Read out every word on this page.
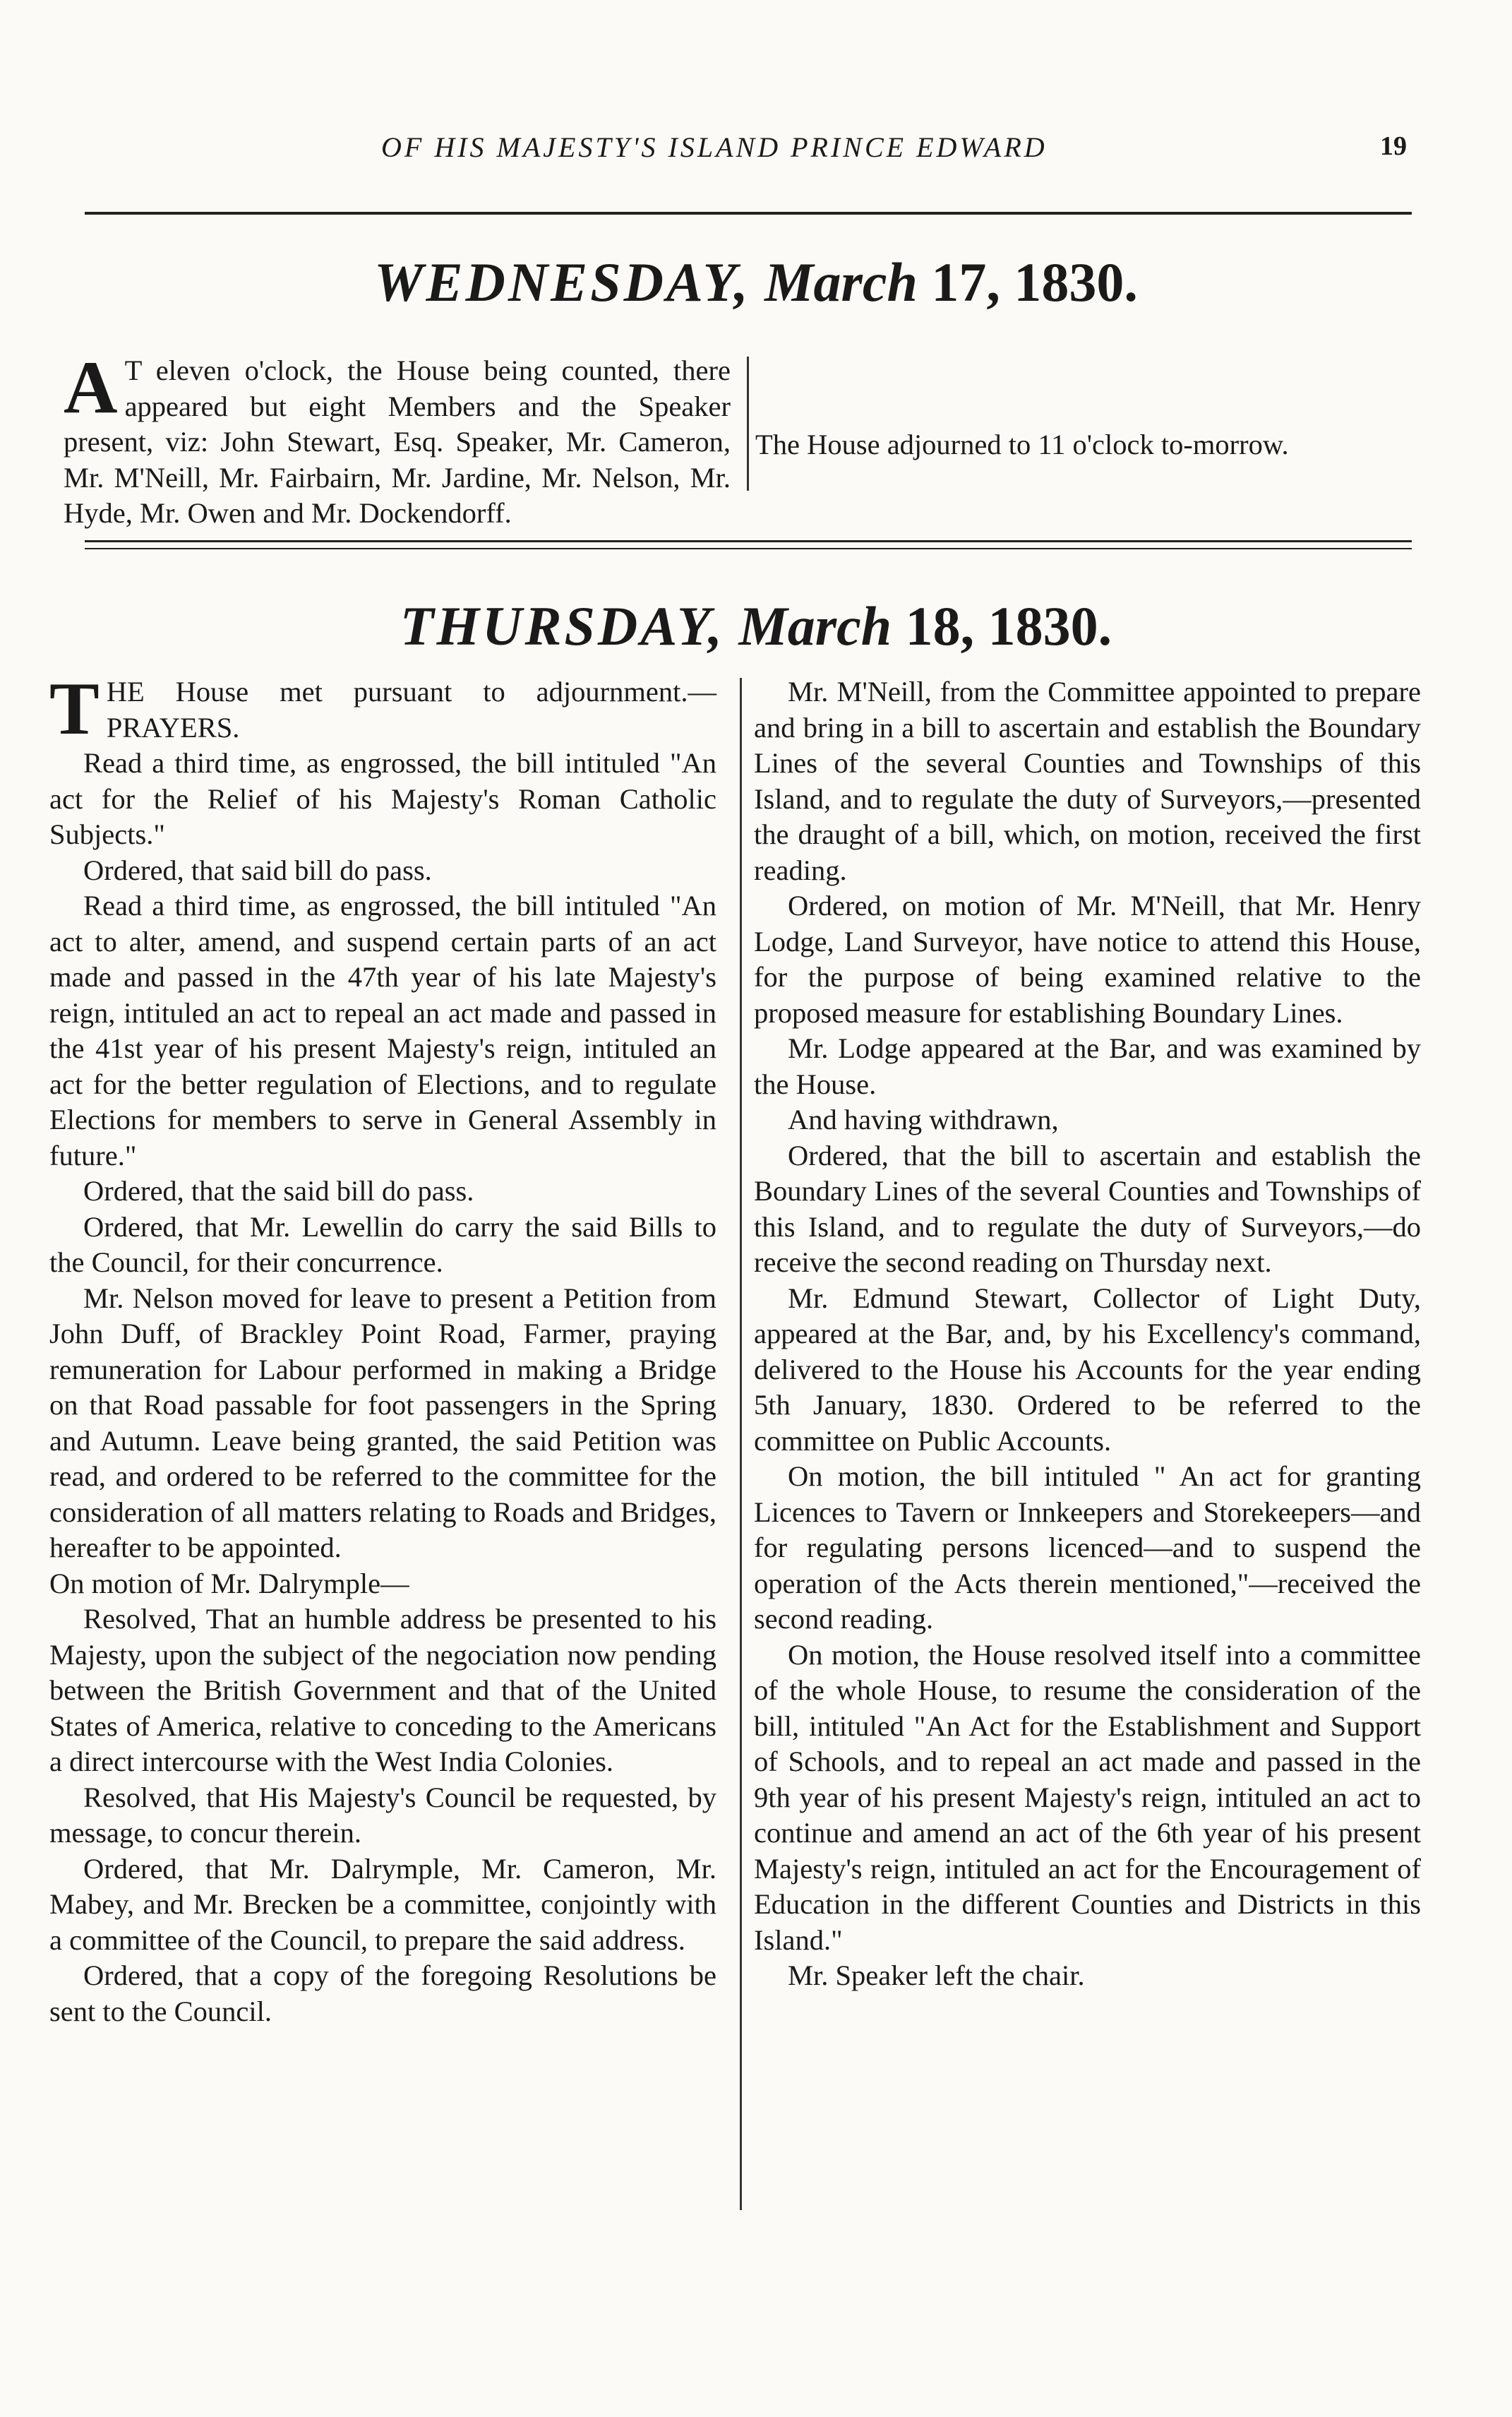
OF HIS MAJESTY'S ISLAND PRINCE EDWARD	19
WEDNESDAY, March 17, 1830.

A T eleven o'clock, the House being counted, there appeared but eight Members and the Speaker present, viz: John Stewart, Esq. Speaker, Mr. Cameron, Mr. M'Neill, Mr. Fairbairn, Mr. Jardine, Mr. Nelson, Mr. Hyde, Mr. Owen and Mr. Dockendorff.

The House adjourned to 11 o'clock to-morrow.

THURSDAY, March 18, 1830.

THE House met pursuant to adjournment.—PRAYERS.

Read a third time, as engrossed, the bill intituled "An act for the Relief of his Majesty's Roman Catholic Subjects."

Ordered, that said bill do pass.

Read a third time, as engrossed, the bill intituled "An act to alter, amend, and suspend certain parts of an act made and passed in the 47th year of his late Majesty's reign, intituled an act to repeal an act made and passed in the 41st year of his present Majesty's reign, intituled an act for the better regulation of Elections, and to regulate Elections for members to serve in General Assembly in future."

Ordered, that the said bill do pass.

Ordered, that Mr. Lewellin do carry the said Bills to the Council, for their concurrence.

Mr. Nelson moved for leave to present a Petition from John Duff, of Brackley Point Road, Farmer, praying remuneration for Labour performed in making a Bridge on that Road passable for foot passengers in the Spring and Autumn. Leave being granted, the said Petition was read, and ordered to be referred to the committee for the consideration of all matters relating to Roads and Bridges, hereafter to be appointed.

On motion of Mr. Dalrymple—

Resolved, That an humble address be presented to his Majesty, upon the subject of the negociation now pending between the British Government and that of the United States of America, relative to conceding to the Americans a direct intercourse with the West India Colonies.

Resolved, that His Majesty's Council be requested, by message, to concur therein.

Ordered, that Mr. Dalrymple, Mr. Cameron, Mr. Mabey, and Mr. Brecken be a committee, conjointly with a committee of the Council, to prepare the said address.

Ordered, that a copy of the foregoing Resolutions be sent to the Council.

Mr. M'Neill, from the Committee appointed to prepare and bring in a bill to ascertain and establish the Boundary Lines of the several Counties and Townships of this Island, and to regulate the duty of Surveyors,—presented the draught of a bill, which, on motion, received the first reading.

Ordered, on motion of Mr. M'Neill, that Mr. Henry Lodge, Land Surveyor, have notice to attend this House, for the purpose of being examined relative to the proposed measure for establishing Boundary Lines.

Mr. Lodge appeared at the Bar, and was examined by the House.

And having withdrawn,

Ordered, that the bill to ascertain and establish the Boundary Lines of the several Counties and Townships of this Island, and to regulate the duty of Surveyors,—do receive the second reading on Thursday next.

Mr. Edmund Stewart, Collector of Light Duty, appeared at the Bar, and, by his Excellency's command, delivered to the House his Accounts for the year ending 5th January, 1830. Ordered to be referred to the committee on Public Accounts.

On motion, the bill intituled " An act for granting Licences to Tavern or Innkeepers and Storekeepers—and for regulating persons licenced—and to suspend the operation of the Acts therein mentioned,"—received the second reading.

On motion, the House resolved itself into a committee of the whole House, to resume the consideration of the bill, intituled "An Act for the Establishment and Support of Schools, and to repeal an act made and passed in the 9th year of his present Majesty's reign, intituled an act to continue and amend an act of the 6th year of his present Majesty's reign, intituled an act for the Encouragement of Education in the different Counties and Districts in this Island."

Mr. Speaker left the chair.
